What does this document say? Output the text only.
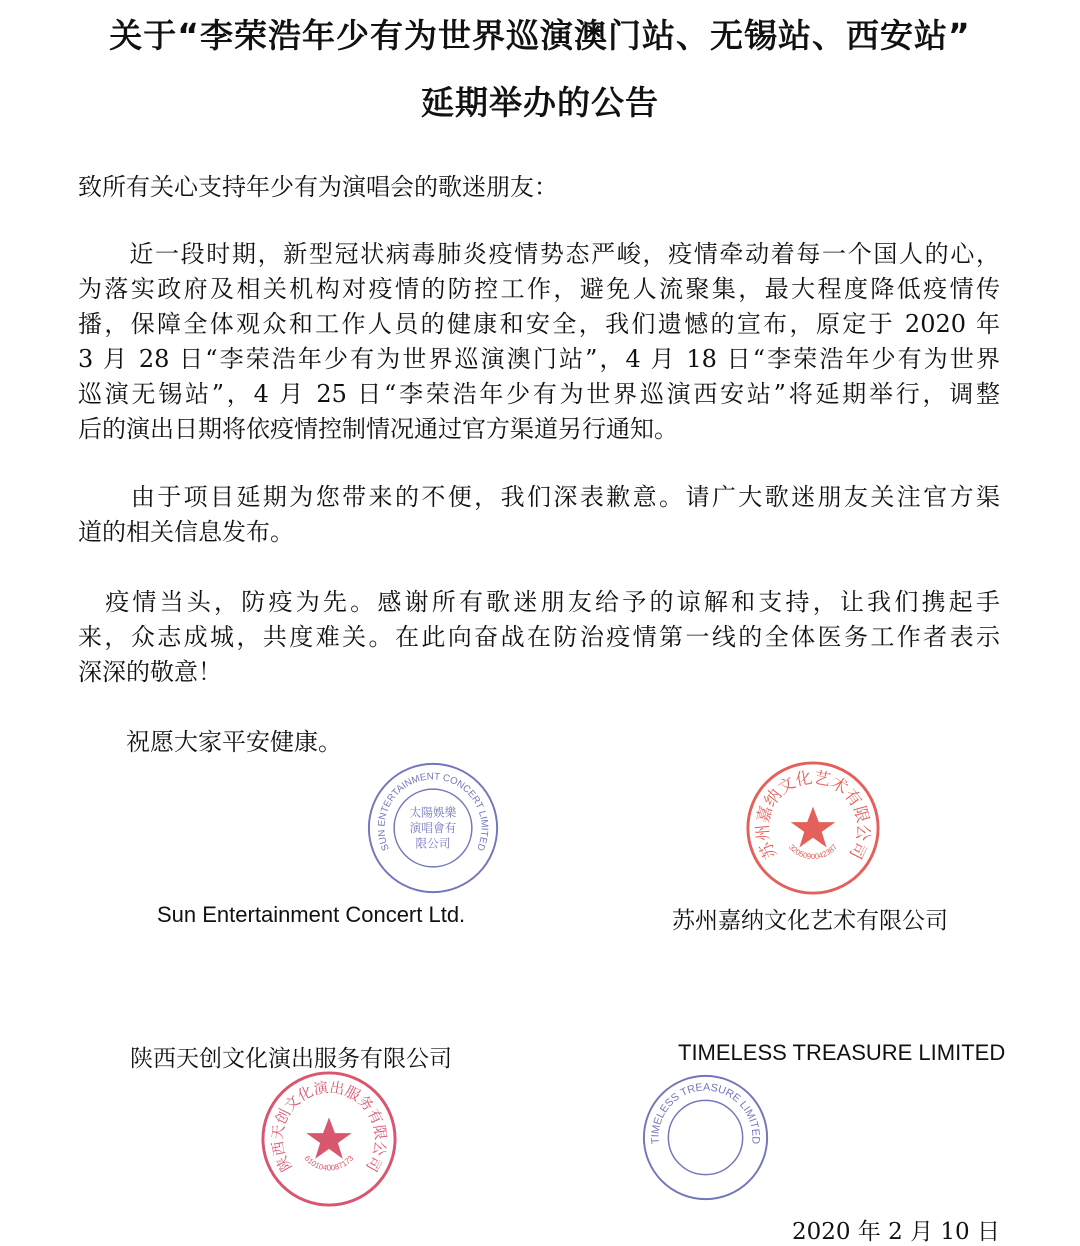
关于“李荣浩年少有为世界巡演澳门站、无锡站、西安站”
延期举办的公告
致所有关心支持年少有为演唱会的歌迷朋友：
　　近一段时期，新型冠状病毒肺炎疫情势态严峻，疫情牵动着每一个国人的心，
为落实政府及相关机构对疫情的防控工作，避免人流聚集，最大程度降低疫情传
播，保障全体观众和工作人员的健康和安全，我们遗憾的宣布，原定于 2020 年
3 月 28 日“李荣浩年少有为世界巡演澳门站”，4 月 18 日“李荣浩年少有为世界
巡演无锡站”，4 月 25 日“李荣浩年少有为世界巡演西安站”将延期举行，调整
后的演出日期将依疫情控制情况通过官方渠道另行通知。
　　由于项目延期为您带来的不便，我们深表歉意。请广大歌迷朋友关注官方渠
道的相关信息发布。
　疫情当头，防疫为先。感谢所有歌迷朋友给予的谅解和支持，让我们携起手
来，众志成城，共度难关。在此向奋战在防治疫情第一线的全体医务工作者表示
深深的敬意！
　　祝愿大家平安健康。
SUN ENTERTAINMENT CONCERT LIMITED
太陽娛樂演唱會有限公司	苏州嘉纳文化艺术有限公司
3205090042387
陕西天创文化演出服务有限公司
6101040087173
TIMELESS TREASURE LIMITED
Sun Entertainment Concert Ltd.	苏州嘉纳文化艺术有限公司
陕西天创文化演出服务有限公司	TIMELESS TREASURE LIMITED
2020 年 2 月 10 日
